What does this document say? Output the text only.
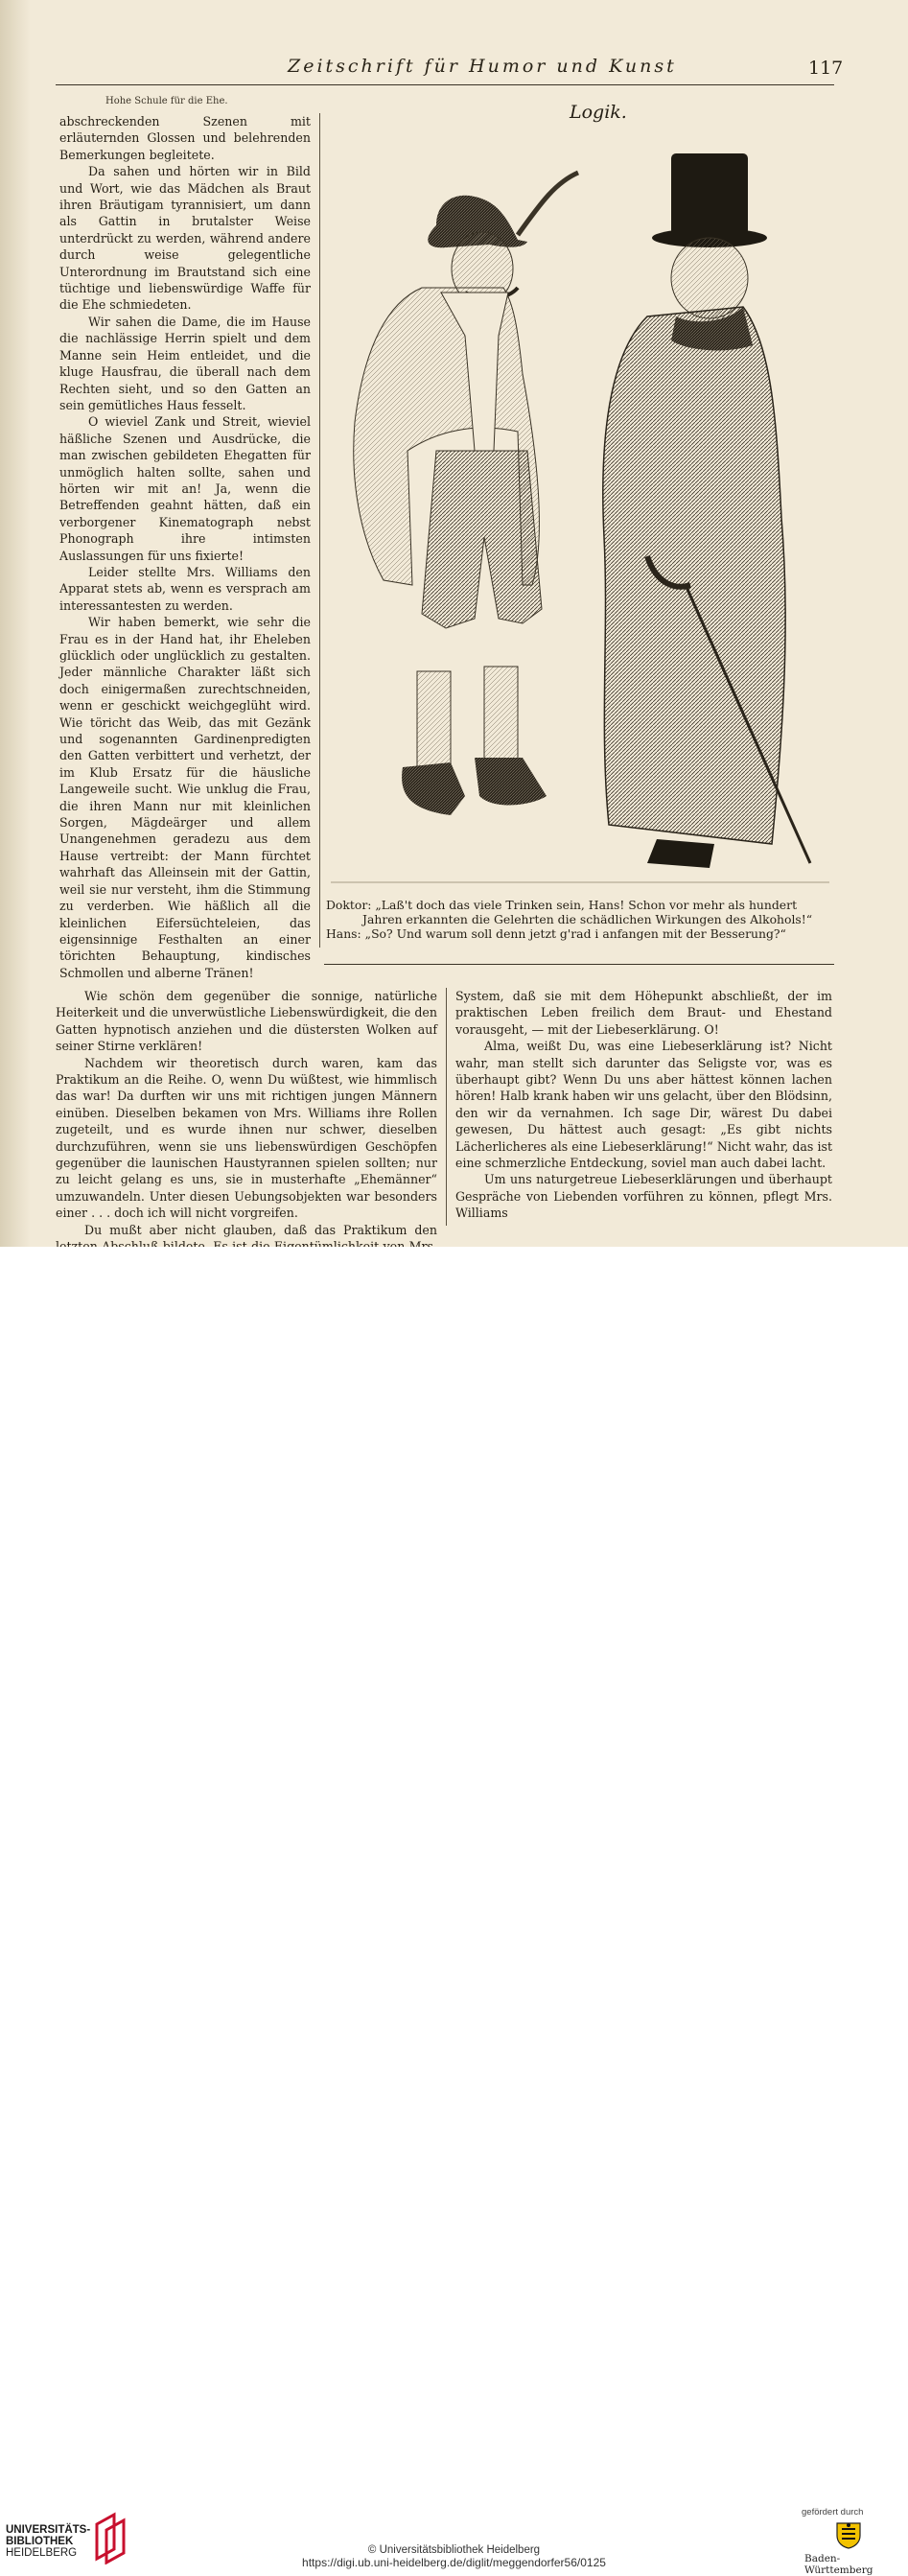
Zeitschrift für Humor und Kunst	117
Hohe Schule für die Ehe.

abschreckenden Szenen mit erläuternden Glossen und belehrenden Bemerkungen begleitete.

Da sahen und hörten wir in Bild und Wort, wie das Mädchen als Braut ihren Bräutigam tyrannisiert, um dann als Gattin in brutalster Weise unterdrückt zu werden, während andere durch weise gelegentliche Unterordnung im Brautstand sich eine tüchtige und liebenswürdige Waffe für die Ehe schmiedeten.

Wir sahen die Dame, die im Hause die nachlässige Herrin spielt und dem Manne sein Heim entleidet, und die kluge Hausfrau, die überall nach dem Rechten sieht, und so den Gatten an sein gemütliches Haus fesselt.

O wieviel Zank und Streit, wieviel häßliche Szenen und Ausdrücke, die man zwischen gebildeten Ehegatten für unmöglich halten sollte, sahen und hörten wir mit an! Ja, wenn die Betreffenden geahnt hätten, daß ein verborgener Kinematograph nebst Phonograph ihre intimsten Auslassungen für uns fixierte!

Leider stellte Mrs. Williams den Apparat stets ab, wenn es versprach am interessantesten zu werden.

Wir haben bemerkt, wie sehr die Frau es in der Hand hat, ihr Eheleben glücklich oder unglücklich zu gestalten. Jeder männliche Charakter läßt sich doch einigermaßen zurechtschneiden, wenn er geschickt weichgeglüht wird. Wie töricht das Weib, das mit Gezänk und sogenannten Gardinenpredigten den Gatten verbittert und verhetzt, der im Klub Ersatz für die häusliche Langeweile sucht. Wie unklug die Frau, die ihren Mann nur mit kleinlichen Sorgen, Mägdeärger und allem Unangenehmen geradezu aus dem Hause vertreibt: der Mann fürchtet wahrhaft das Alleinsein mit der Gattin, weil sie nur versteht, ihm die Stimmung zu verderben. Wie häßlich all die kleinlichen Eifersüchteleien, das eigensinnige Festhalten an einer törichten Behauptung, kindisches Schmollen und alberne Tränen!

Logik.
Doktor: „Laß't doch das viele Trinken sein, Hans! Schon vor mehr als hundert
Jahren erkannten die Gelehrten die schädlichen Wirkungen des Alkohols!“
Hans: „So? Und warum soll denn jetzt g'rad i anfangen mit der Besserung?“

Wie schön dem gegenüber die sonnige, natürliche Heiterkeit und die unverwüstliche Liebenswürdigkeit, die den Gatten hypnotisch anziehen und die düstersten Wolken auf seiner Stirne verklären!

Nachdem wir theoretisch durch waren, kam das Praktikum an die Reihe. O, wenn Du wüßtest, wie himmlisch das war! Da durften wir uns mit richtigen jungen Männern einüben. Dieselben bekamen von Mrs. Williams ihre Rollen zugeteilt, und es wurde ihnen nur schwer, dieselben durchzuführen, wenn sie uns liebenswürdigen Geschöpfen gegenüber die launischen Haustyrannen spielen sollten; nur zu leicht gelang es uns, sie in musterhafte „Ehemänner“ umzuwandeln. Unter diesen Uebungsobjekten war besonders einer . . . doch ich will nicht vorgreifen.

Du mußt aber nicht glauben, daß das Praktikum den

System, daß sie mit dem Höhepunkt abschließt, der im praktischen Leben freilich dem Braut- und Ehestand vorausgeht, — mit der Liebeserklärung. O!

Alma, weißt Du, was eine Liebeserklärung ist? Nicht wahr, man stellt sich darunter das Seligste vor, was es überhaupt gibt? Wenn Du uns aber hättest können lachen hören! Halb krank haben wir uns gelacht, über den Blödsinn, den wir da vernahmen. Ich sage Dir, wärest Du dabei gewesen, Du hättest auch gesagt: „Es gibt nichts Lächerlicheres als eine Liebeserklärung!“ Nicht wahr, das ist eine schmerzliche Entdeckung, soviel man auch dabei lacht.

Um uns naturgetreue Liebeserklärungen und überhaupt Gespräche von Liebenden vorführen zu können, pflegt Mrs. Williams

UNIVERSITÄTS-
BIBLIOTHEK
HEIDELBERG	© Universitätsbibliothek Heidelberg
https://digi.ub.uni-heidelberg.de/diglit/meggendorfer56/0125
gefördert durch
Baden-Württemberg
